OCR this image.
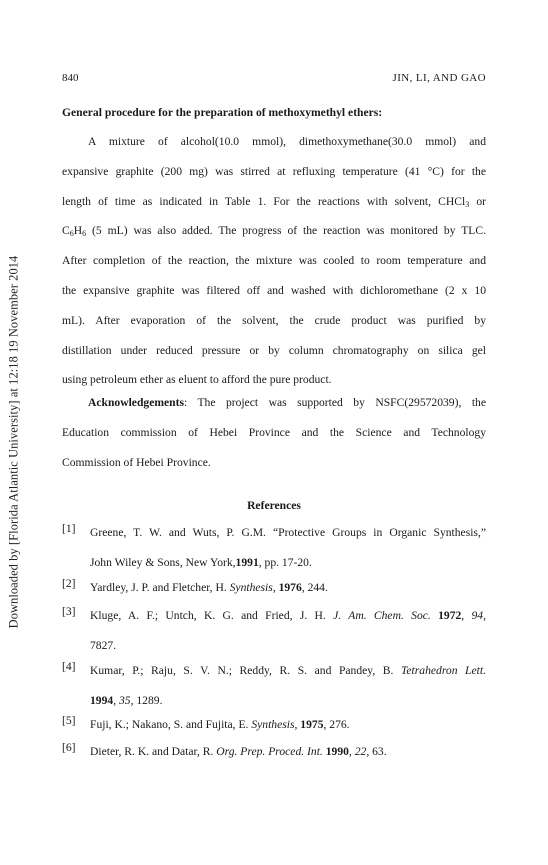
Downloaded by [Florida Atlantic University] at 12:18 19 November 2014
840	JIN, LI, AND GAO
General procedure for the preparation of methoxymethyl ethers:
A mixture of alcohol(10.0 mmol), dimethoxymethane(30.0 mmol) and
expansive graphite (200 mg) was stirred at refluxing temperature (41 °C) for the
length of time as indicated in Table 1. For the reactions with solvent, CHCl$_3$ or
$C_6H_6$ (5 mL) was also added. The progress of the reaction was monitored by TLC.
After completion of the reaction, the mixture was cooled to room temperature and
the expansive graphite was filtered off and washed with dichloromethane (2 x 10
mL). After evaporation of the solvent, the crude product was purified by
distillation under reduced pressure or by column chromatography on silica gel
using petroleum ether as eluent to afford the pure product.
Acknowledgements: The project was supported by NSFC(29572039), the
Education commission of Hebei Province and the Science and Technology
Commission of Hebei Province.
References
[1] Greene, T. W. and Wuts, P. G.M. “Protective Groups in Organic Synthesis,”
John Wiley & Sons, New York,1991, pp. 17-20.
[2] Yardley, J. P. and Fletcher, H. Synthesis, 1976, 244.
[3] Kluge, A. F.; Untch, K. G. and Fried, J. H. J. Am. Chem. Soc. 1972, 94,
7827.
[4] Kumar, P.; Raju, S. V. N.; Reddy, R. S. and Pandey, B. Tetrahedron Lett.
1994, 35, 1289.
[5] Fuji, K.; Nakano, S. and Fujita, E. Synthesis, 1975, 276.
[6] Dieter, R. K. and Datar, R. Org. Prep. Proced. Int. 1990, 22, 63.
